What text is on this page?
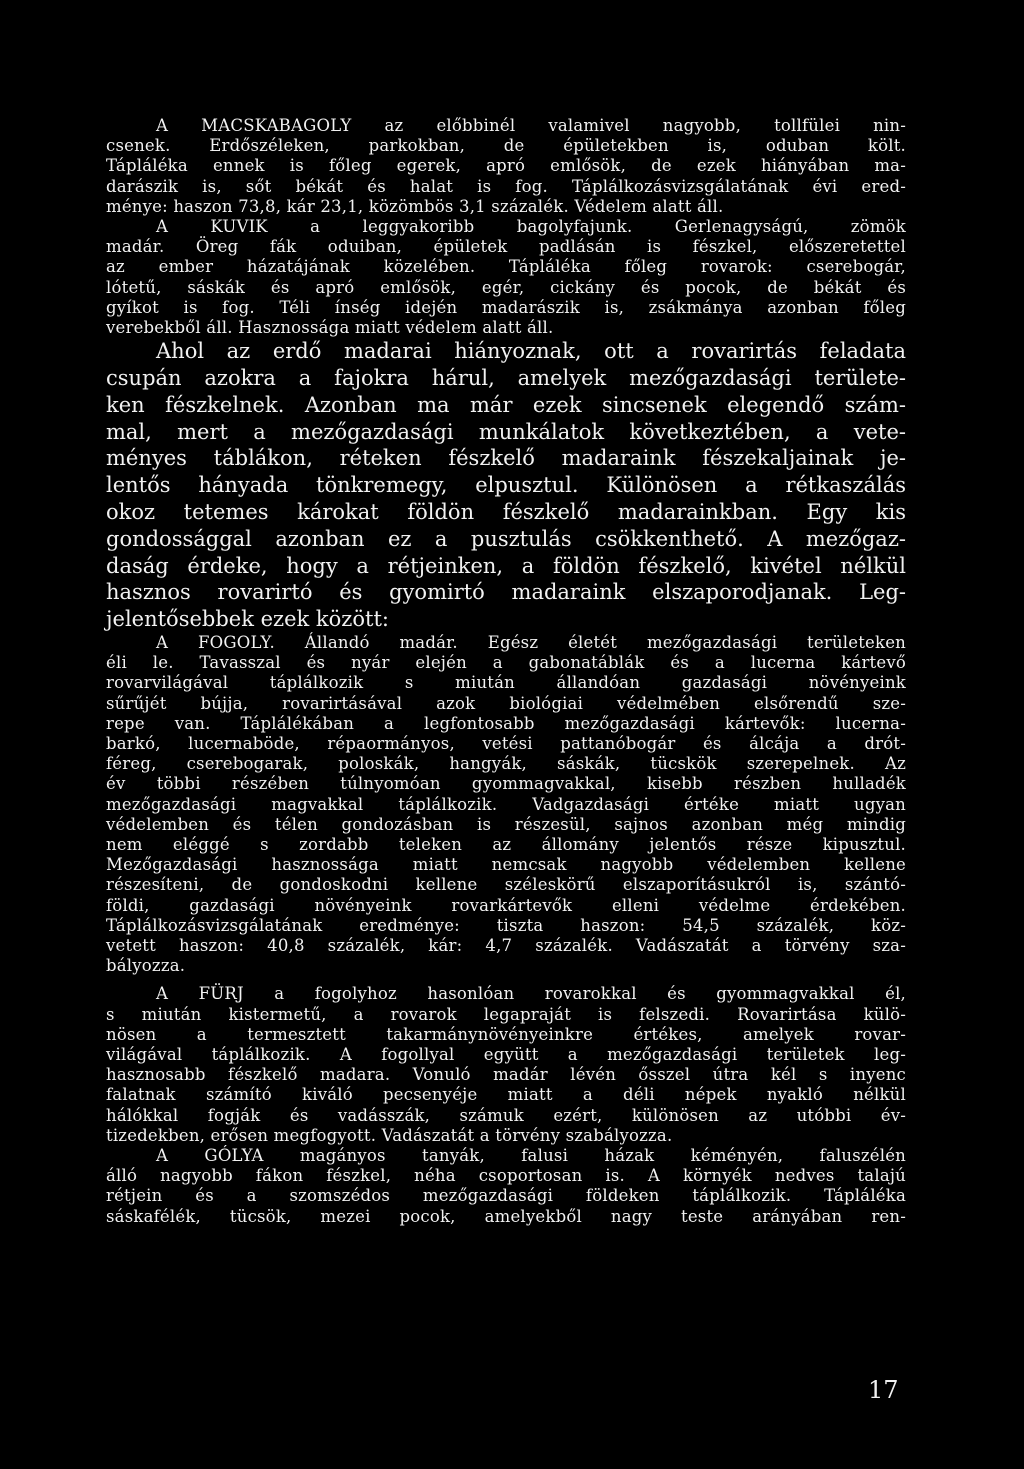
A MACSKABAGOLY az előbbinél valamivel nagyobb, tollfülei nin-
csenek. Erdőszéleken, parkokban, de épületekben is, oduban költ.
Tápláléka ennek is főleg egerek, apró emlősök, de ezek hiányában ma-
darászik is, sőt békát és halat is fog. Táplálkozásvizsgálatának évi ered-
ménye: haszon 73,8, kár 23,1, közömbös 3,1 százalék. Védelem alatt áll.
A KUVIK a leggyakoribb bagolyfajunk. Gerlenagyságú, zömök
madár. Öreg fák oduiban, épületek padlásán is fészkel, előszeretettel
az ember házatájának közelében. Tápláléka főleg rovarok: cserebogár,
lótetű, sáskák és apró emlősök, egér, cickány és pocok, de békát és
gyíkot is fog. Téli ínség idején madarászik is, zsákmánya azonban főleg
verebekből áll. Hasznossága miatt védelem alatt áll.
Ahol az erdő madarai hiányoznak, ott a rovarirtás feladata
csupán azokra a fajokra hárul, amelyek mezőgazdasági területe-
ken fészkelnek. Azonban ma már ezek sincsenek elegendő szám-
mal, mert a mezőgazdasági munkálatok következtében, a vete-
ményes táblákon, réteken fészkelő madaraink fészekaljainak je-
lentős hányada tönkremegy, elpusztul. Különösen a rétkaszálás
okoz tetemes károkat földön fészkelő madarainkban. Egy kis
gondossággal azonban ez a pusztulás csökkenthető. A mezőgaz-
daság érdeke, hogy a rétjeinken, a földön fészkelő, kivétel nélkül
hasznos rovarirtó és gyomirtó madaraink elszaporodjanak. Leg-
jelentősebbek ezek között:
A FOGOLY. Állandó madár. Egész életét mezőgazdasági területeken
éli le. Tavasszal és nyár elején a gabonatáblák és a lucerna kártevő
rovarvilágával táplálkozik s miután állandóan gazdasági növényeink
sűrűjét bújja, rovarirtásával azok biológiai védelmében elsőrendű sze-
repe van. Táplálékában a legfontosabb mezőgazdasági kártevők: lucerna-
barkó, lucernaböde, répaormányos, vetési pattanóbogár és álcája a drót-
féreg, cserebogarak, poloskák, hangyák, sáskák, tücskök szerepelnek. Az
év többi részében túlnyomóan gyommagvakkal, kisebb részben hulladék
mezőgazdasági magvakkal táplálkozik. Vadgazdasági értéke miatt ugyan
védelemben és télen gondozásban is részesül, sajnos azonban még mindig
nem eléggé s zordabb teleken az állomány jelentős része kipusztul.
Mezőgazdasági hasznossága miatt nemcsak nagyobb védelemben kellene
részesíteni, de gondoskodni kellene széleskörű elszaporításukról is, szántó-
földi, gazdasági növényeink rovarkártevők elleni védelme érdekében.
Táplálkozásvizsgálatának eredménye: tiszta haszon: 54,5 százalék, köz-
vetett haszon: 40,8 százalék, kár: 4,7 százalék. Vadászatát a törvény sza-
bályozza.
A FÜRJ a fogolyhoz hasonlóan rovarokkal és gyommagvakkal él,
s miután kistermetű, a rovarok legapraját is felszedi. Rovarirtása külö-
nösen a termesztett takarmánynövényeinkre értékes, amelyek rovar-
világával táplálkozik. A fogollyal együtt a mezőgazdasági területek leg-
hasznosabb fészkelő madara. Vonuló madár lévén ősszel útra kél s inyenc
falatnak számító kiváló pecsenyéje miatt a déli népek nyakló nélkül
hálókkal fogják és vadásszák, számuk ezért, különösen az utóbbi év-
tizedekben, erősen megfogyott. Vadászatát a törvény szabályozza.
A GÓLYA magányos tanyák, falusi házak kéményén, faluszélén
álló nagyobb fákon fészkel, néha csoportosan is. A környék nedves talajú
rétjein és a szomszédos mezőgazdasági földeken táplálkozik. Tápláléka
sáskafélék, tücsök, mezei pocok, amelyekből nagy teste arányában ren-
17
